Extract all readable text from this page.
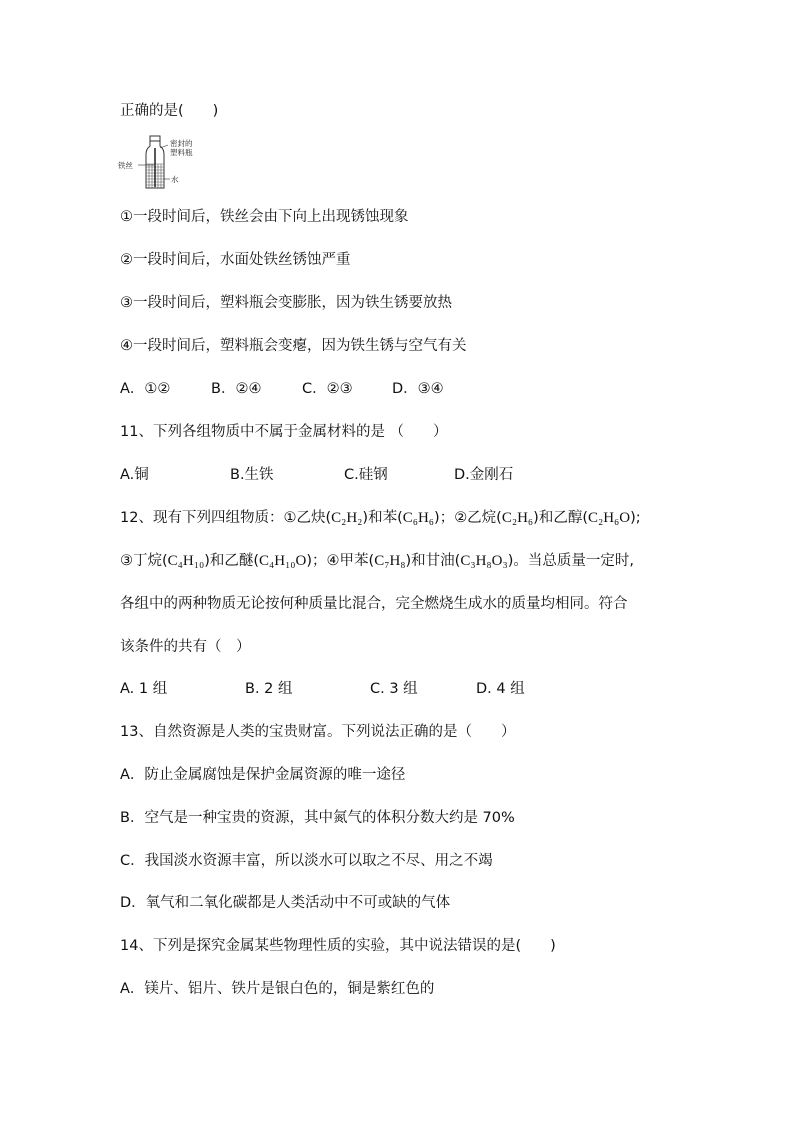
正确的是(　　)
密封的
塑料瓶
铁丝
水
①一段时间后，铁丝会由下向上出现锈蚀现象
②一段时间后，水面处铁丝锈蚀严重
③一段时间后，塑料瓶会变膨胀，因为铁生锈要放热
④一段时间后，塑料瓶会变瘪，因为铁生锈与空气有关
A．①②	B．②④	C．②③	D．③④
11、下列各组物质中不属于金属材料的是 （　　）
A.铜	B.生铁	C.硅钢	D.金刚石
12、现有下列四组物质：①乙炔(C₂H₂)和苯(C₆H₆)；②乙烷(C₂H₆)和乙醇(C₂H₆O);
③丁烷(C₄H₁₀)和乙醚(C₄H₁₀O)；④甲苯(C₇H₈)和甘油(C₃H₈O₃)。当总质量一定时,
各组中的两种物质无论按何种质量比混合，完全燃烧生成水的质量均相同。符合
该条件的共有（　）
A. 1 组	B. 2 组	C. 3 组	D. 4 组
13、自然资源是人类的宝贵财富。下列说法正确的是（　　）
A．防止金属腐蚀是保护金属资源的唯一途径
B．空气是一种宝贵的资源，其中氮气的体积分数大约是 70%
C．我国淡水资源丰富，所以淡水可以取之不尽、用之不竭
D．氧气和二氧化碳都是人类活动中不可或缺的气体
14、下列是探究金属某些物理性质的实验，其中说法错误的是(　　)
A．镁片、铝片、铁片是银白色的，铜是紫红色的
